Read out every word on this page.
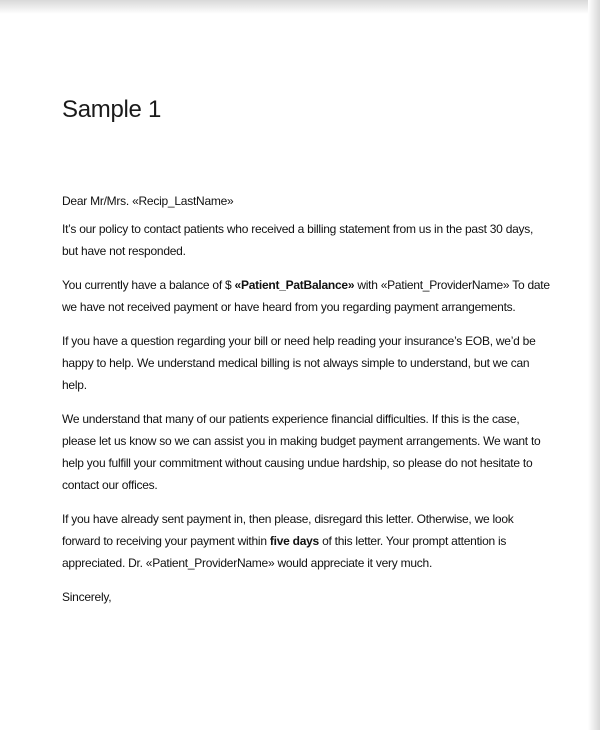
Sample 1

Dear Mr/Mrs. «Recip_LastName»

It’s our policy to contact patients who received a billing statement from us in the past 30 days, but have not responded.

You currently have a balance of $ «Patient_PatBalance» with «Patient_ProviderName» To date we have not received payment or have heard from you regarding payment arrangements.

If you have a question regarding your bill or need help reading your insurance’s EOB, we’d be happy to help. We understand medical billing is not always simple to understand, but we can help.

We understand that many of our patients experience financial difficulties. If this is the case, please let us know so we can assist you in making budget payment arrangements. We want to help you fulfill your commitment without causing undue hardship, so please do not hesitate to contact our offices.

If you have already sent payment in, then please, disregard this letter. Otherwise, we look forward to receiving your payment within five days of this letter. Your prompt attention is appreciated. Dr. «Patient_ProviderName» would appreciate it very much.

Sincerely,
